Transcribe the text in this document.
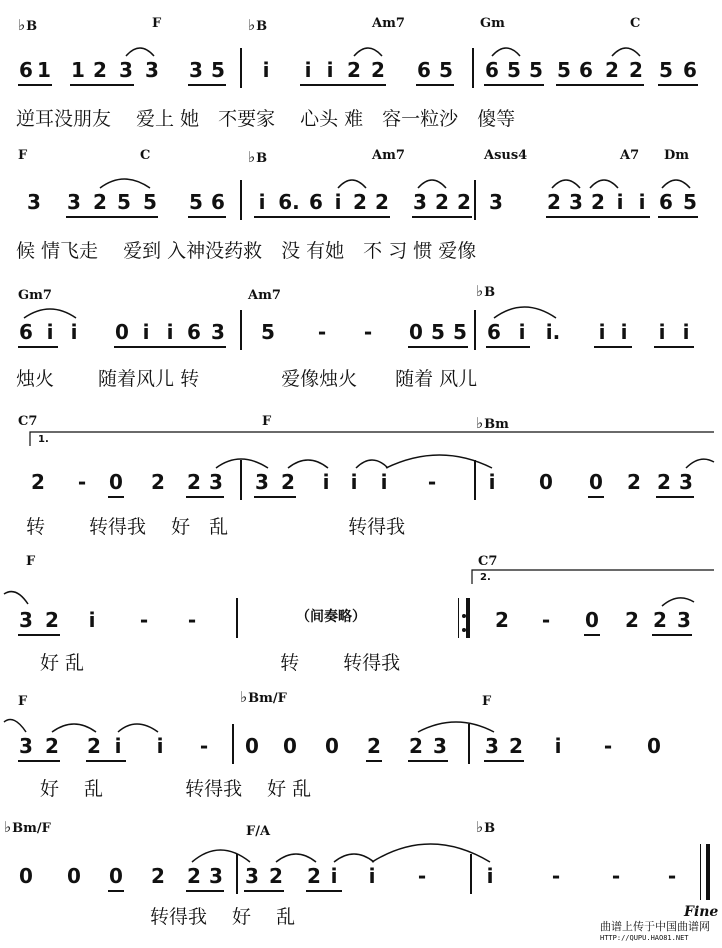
♭B	F	♭B	Am7	Gm	C
6 1 1 2 3 3 3 5 i i i 2 2 6 5 6 5 5 5 6 2 2 5 6
逆耳没朋友　 爱上 她　不要家　 心头 难　容一粒沙　傻等
F	C	♭B	Am7	Asus4	A7 Dm
3 3 2 5 5 5 6 i 6. 6 i 2 2 3 2 2 3 2 3 2 i i 6 5
候 情飞走　 爱到 入神没药救　没 有她　不 习 惯 爱像
Gm7	Am7	♭B
6 i i 0 i i 6 3 5 - - 0 5 5 6 i i. i i i i
烛火　　 随着风儿 转　　　　 爱像烛火　　随着 风儿
C7	F	♭Bm
1.
2 - 0 2 2 3 3 2 i i i -	i 0 0 2 2 3
转　　 转得我　 好　乱　　　　　　 转得我
F	C7
2.
（间奏略）
3 2 i - -	2 - 0 2 2 3
好 乱　　　　　　　　　　 转　　 转得我
F	♭Bm/F	F
3 2 2 i i - 0 0 0 2 2 3 3 2 i - 0
好　 乱　　　　 转得我　 好 乱
♭Bm/F	F/A	♭B
0 0 0 2 2 3 3 2 2 i i -	i	-	- -
转得我　 好　 乱	Fine
曲谱上传于中国曲谱网
HTTP://QUPU.HAO81.NET
